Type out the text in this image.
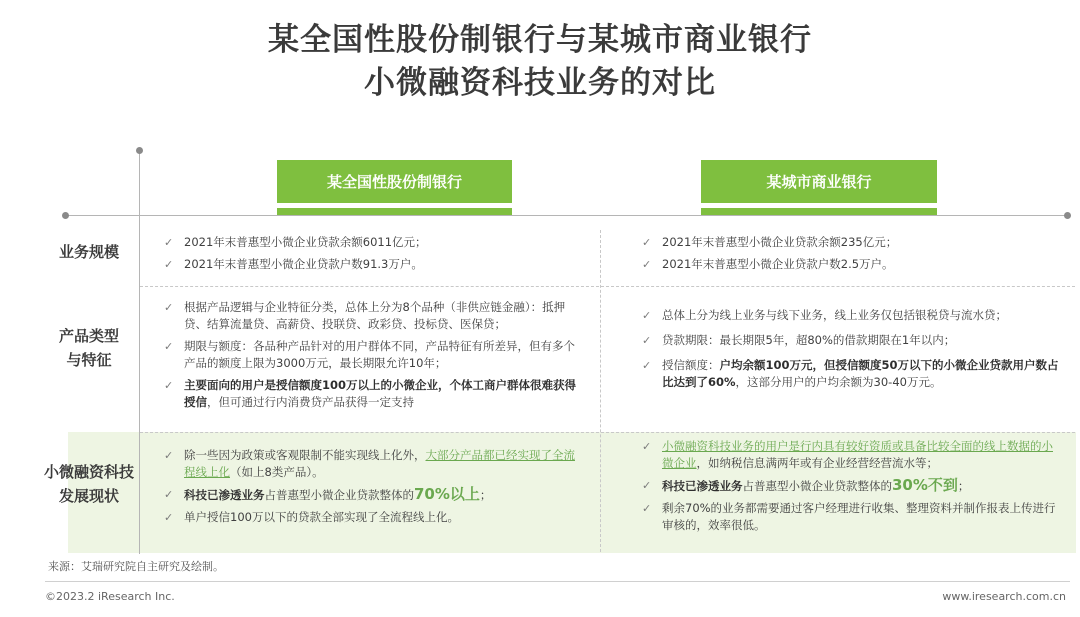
某全国性股份制银行与某城市商业银行
小微融资科技业务的对比
某全国性股份制银行	某城市商业银行
业务规模
✓ 2021年末普惠型小微企业贷款余额6011亿元；
✓ 2021年末普惠型小微企业贷款户数91.3万户。
✓ 2021年末普惠型小微企业贷款余额235亿元；
✓ 2021年末普惠型小微企业贷款户数2.5万户。
产品类型
与特征
✓ 根据产品逻辑与企业特征分类，总体上分为8个品种（非供应链金融）：抵押贷、结算流量贷、高薪贷、投联贷、政彩贷、投标贷、医保贷；
✓ 期限与额度：各品种产品针对的用户群体不同，产品特征有所差异，但有多个产品的额度上限为3000万元，最长期限允许10年；
✓ 主要面向的用户是授信额度100万以上的小微企业，个体工商户群体很难获得授信，但可通过行内消费贷产品获得一定支持
✓ 总体上分为线上业务与线下业务，线上业务仅包括银税贷与流水贷；
✓ 贷款期限：最长期限5年，超80%的借款期限在1年以内；
✓ 授信额度：户均余额100万元，但授信额度50万以下的小微企业贷款用户数占比达到了60%，这部分用户的户均余额为30-40万元。
小微融资科技
发展现状
✓ 除一些因为政策或客观限制不能实现线上化外，大部分产品都已经实现了全流程线上化（如上8类产品）。
✓ 科技已渗透业务占普惠型小微企业贷款整体的70%以上；
✓ 单户授信100万以下的贷款全部实现了全流程线上化。
✓ 小微融资科技业务的用户是行内具有较好资质或具备比较全面的线上数据的小微企业，如纳税信息满两年或有企业经营经营流水等；
✓ 科技已渗透业务占普惠型小微企业贷款整体的30%不到；
✓ 剩余70%的业务都需要通过客户经理进行收集、整理资料并制作报表上传进行审核的，效率很低。
来源：艾瑞研究院自主研究及绘制。
©2023.2 iResearch Inc.	www.iresearch.com.cn
